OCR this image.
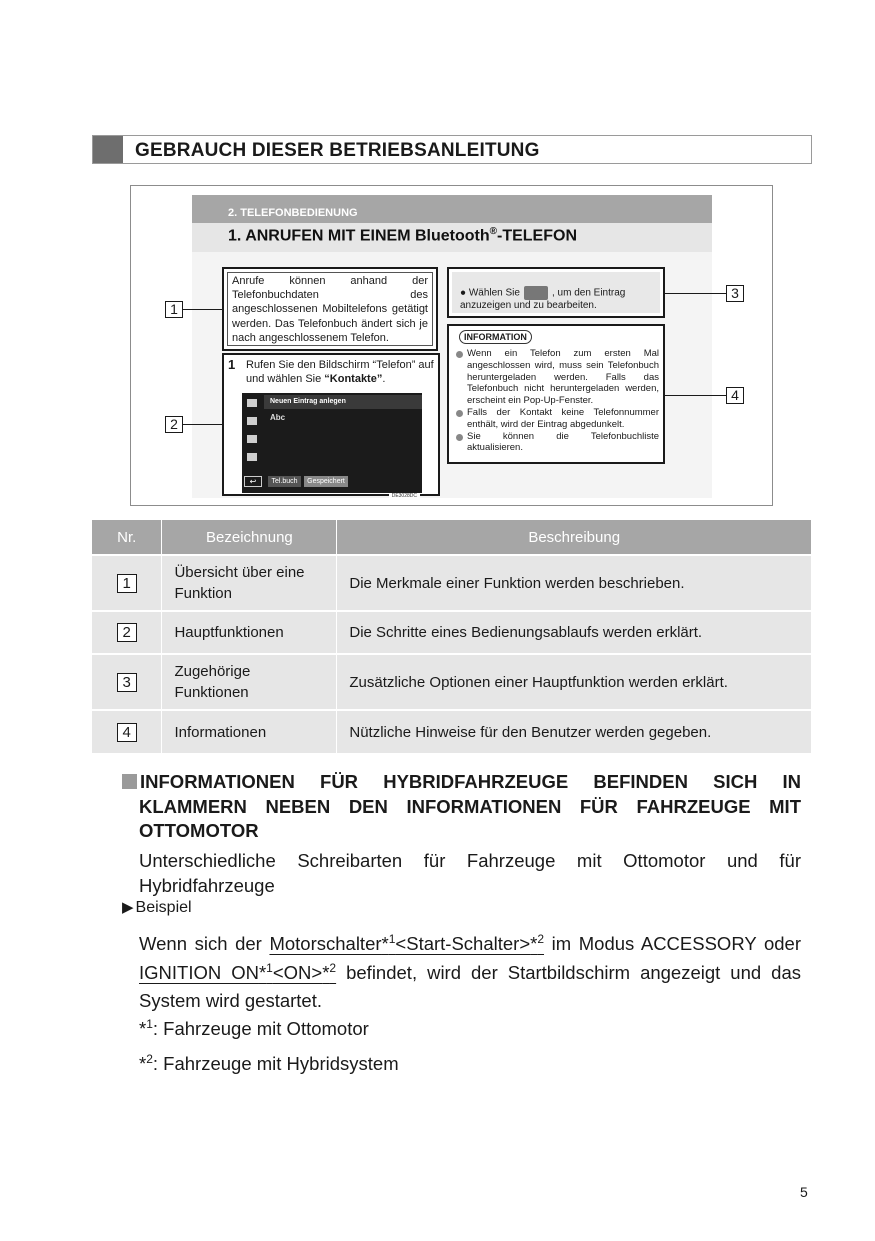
GEBRAUCH DIESER BETRIEBSANLEITUNG
2. TELEFONBEDIENUNG
1. ANRUFEN MIT EINEM Bluetooth®-TELEFON
Anrufe können anhand der Telefonbuchdaten des angeschlossenen Mobiltelefons getätigt werden. Das Telefonbuch ändert sich je nach angeschlossenem Telefon.
1 Rufen Sie den Bildschirm “Telefon” auf und wählen Sie “Kontakte”.
Neuen Eintrag anlegen
Abc
↩	Tel.buch	Gespeichert
DE3028DC
● Wählen Sie	, um den Eintrag anzuzeigen und zu bearbeiten.
INFORMATION
Wenn ein Telefon zum ersten Mal angeschlossen wird, muss sein Telefonbuch heruntergeladen werden. Falls das Telefonbuch nicht heruntergeladen werden, erscheint ein Pop-Up-Fenster.
Falls der Kontakt keine Telefonnummer enthält, wird der Eintrag abgedunkelt.
Sie können die Telefonbuchliste aktualisieren.
1
2
3
4
Nr.	Bezeichnung	Beschreibung
1	Übersicht über eine Funktion	Die Merkmale einer Funktion werden beschrieben.
2	Hauptfunktionen	Die Schritte eines Bedienungsablaufs werden erklärt.
3	Zugehörige Funktionen	Zusätzliche Optionen einer Hauptfunktion werden erklärt.
4	Informationen	Nützliche Hinweise für den Benutzer werden gegeben.
INFORMATIONEN FÜR HYBRIDFAHRZEUGE BEFINDEN SICH IN
KLAMMERN NEBEN DEN INFORMATIONEN FÜR FAHRZEUGE MIT
OTTOMOTOR
Unterschiedliche Schreibarten für Fahrzeuge mit Ottomotor und für Hybridfahrzeuge
▶ Beispiel
Wenn sich der Motorschalter*$^1$<Start-Schalter>*$^2$ im Modus ACCESSORY oder IGNITION ON*$^1$<ON>*$^2$ befindet, wird der Startbildschirm angezeigt und das System wird gestartet.
*$^1$: Fahrzeuge mit Ottomotor
*$^2$: Fahrzeuge mit Hybridsystem
5
